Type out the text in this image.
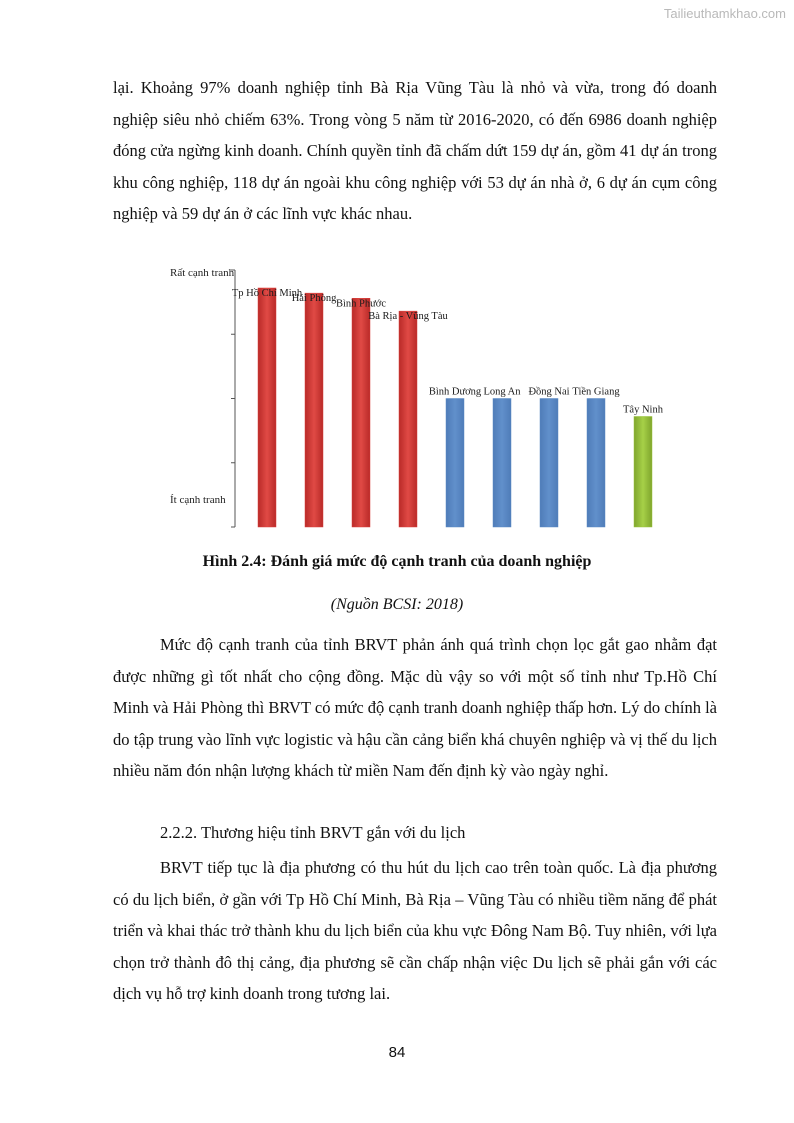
Tailieuthamkhao.com

lại. Khoảng 97% doanh nghiệp tỉnh Bà Rịa Vũng Tàu là nhỏ và vừa, trong đó doanh nghiệp siêu nhỏ chiếm 63%. Trong vòng 5 năm từ 2016-2020, có đến 6986 doanh nghiệp đóng cửa ngừng kinh doanh. Chính quyền tỉnh đã chấm dứt 159 dự án, gồm 41 dự án trong khu công nghiệp, 118 dự án ngoài khu công nghiệp với 53 dự án nhà ở, 6 dự án cụm công nghiệp và 59 dự án ở các lĩnh vực khác nhau.

Rất cạnh tranh
Ít cạnh tranh
Tp Hồ Chí Minh
Hải Phòng Bình Phước
Bà Rịa - Vũng Tàu
Bình Dương Long An Đồng Nai Tiền Giang
Tây Ninh

Hình 2.4: Đánh giá mức độ cạnh tranh của doanh nghiệp

(Nguồn BCSI: 2018)

Mức độ cạnh tranh của tỉnh BRVT phản ánh quá trình chọn lọc gắt gao nhằm đạt được những gì tốt nhất cho cộng đồng. Mặc dù vậy so với một số tỉnh như Tp.Hồ Chí Minh và Hải Phòng thì BRVT có mức độ cạnh tranh doanh nghiệp thấp hơn. Lý do chính là do tập trung vào lĩnh vực logistic và hậu cần cảng biển khá chuyên nghiệp và vị thế du lịch nhiều năm đón nhận lượng khách từ miền Nam đến định kỳ vào ngày nghỉ.

2.2.2. Thương hiệu tỉnh BRVT gắn với du lịch

BRVT tiếp tục là địa phương có thu hút du lịch cao trên toàn quốc. Là địa phương có du lịch biển, ở gần với Tp Hồ Chí Minh, Bà Rịa – Vũng Tàu có nhiều tiềm năng để phát triển và khai thác trở thành khu du lịch biển của khu vực Đông Nam Bộ. Tuy nhiên, với lựa chọn trở thành đô thị cảng, địa phương sẽ cần chấp nhận việc Du lịch sẽ phải gắn với các dịch vụ hỗ trợ kinh doanh trong tương lai.

84
